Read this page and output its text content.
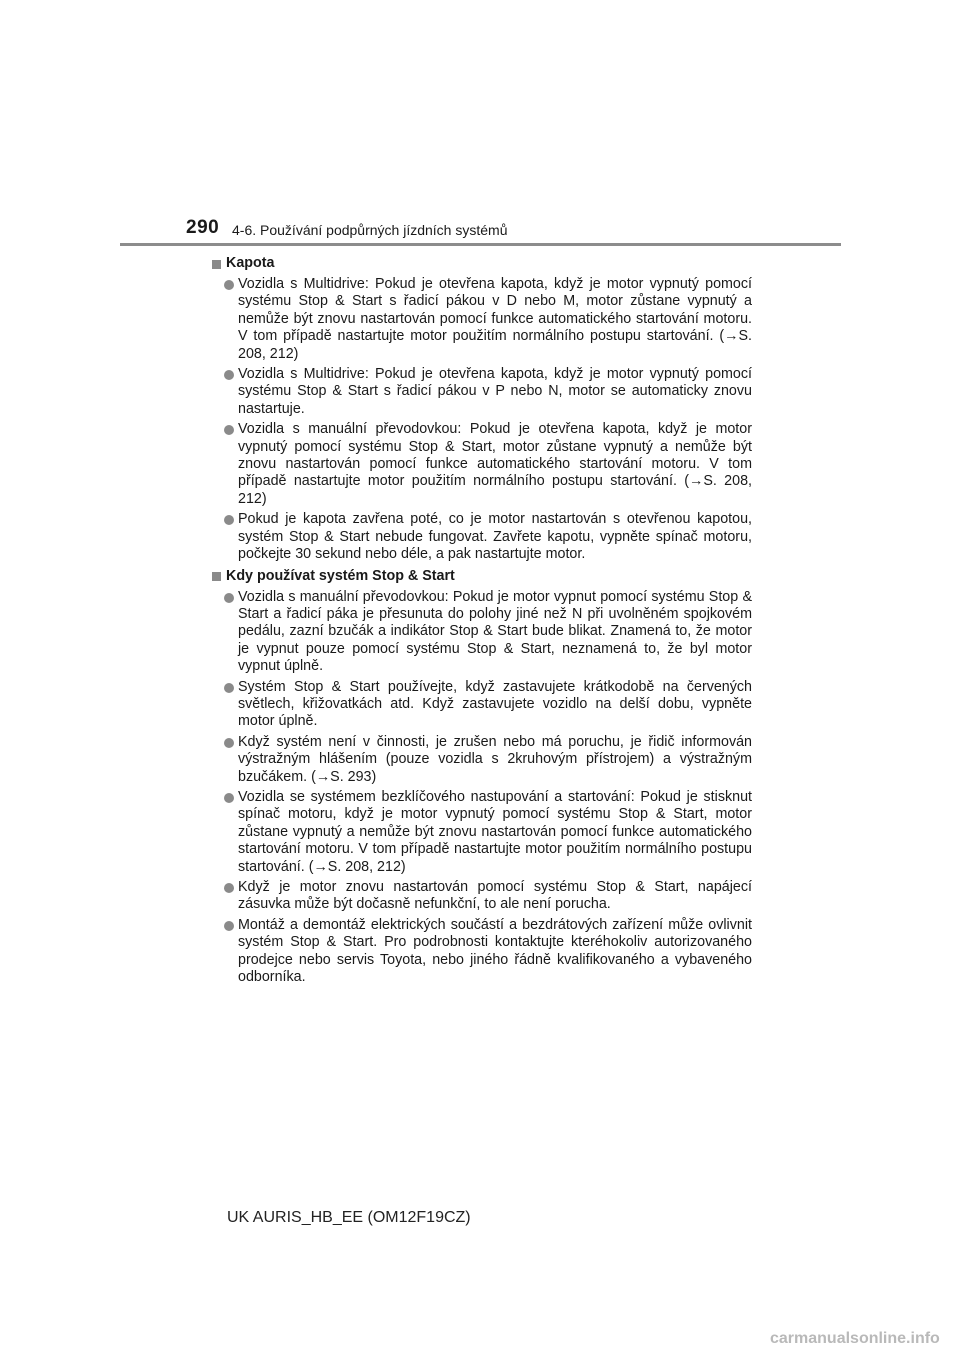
290 4-6. Používání podpůrných jízdních systémů
Kapota

Vozidla s Multidrive: Pokud je otevřena kapota, když je motor vypnutý pomocí systému Stop & Start s řadicí pákou v D nebo M, motor zůstane vypnutý a nemůže být znovu nastartován pomocí funkce automatického startování motoru. V tom případě nastartujte motor použitím normálního postupu startování. (→S. 208, 212)

Vozidla s Multidrive: Pokud je otevřena kapota, když je motor vypnutý pomocí systému Stop & Start s řadicí pákou v P nebo N, motor se automaticky znovu nastartuje.

Vozidla s manuální převodovkou: Pokud je otevřena kapota, když je motor vypnutý pomocí systému Stop & Start, motor zůstane vypnutý a nemůže být znovu nastartován pomocí funkce automatického startování motoru. V tom případě nastartujte motor použitím normálního postupu startování. (→S. 208, 212)

Pokud je kapota zavřena poté, co je motor nastartován s otevřenou kapotou, systém Stop & Start nebude fungovat. Zavřete kapotu, vypněte spínač motoru, počkejte 30 sekund nebo déle, a pak nastartujte motor.

Kdy používat systém Stop & Start

Vozidla s manuální převodovkou: Pokud je motor vypnut pomocí systému Stop & Start a řadicí páka je přesunuta do polohy jiné než N při uvolněném spojkovém pedálu, zazní bzučák a indikátor Stop & Start bude blikat. Znamená to, že motor je vypnut pouze pomocí systému Stop & Start, neznamená to, že byl motor vypnut úplně.

Systém Stop & Start používejte, když zastavujete krátkodobě na červených světlech, křižovatkách atd. Když zastavujete vozidlo na delší dobu, vypněte motor úplně.

Když systém není v činnosti, je zrušen nebo má poruchu, je řidič informován výstražným hlášením (pouze vozidla s 2kruhovým přístrojem) a výstražným bzučákem. (→S. 293)

Vozidla se systémem bezklíčového nastupování a startování: Pokud je stisknut spínač motoru, když je motor vypnutý pomocí systému Stop & Start, motor zůstane vypnutý a nemůže být znovu nastartován pomocí funkce automatického startování motoru. V tom případě nastartujte motor použitím normálního postupu startování. (→S. 208, 212)

Když je motor znovu nastartován pomocí systému Stop & Start, napájecí zásuvka může být dočasně nefunkční, to ale není porucha.

Montáž a demontáž elektrických součástí a bezdrátových zařízení může ovlivnit systém Stop & Start. Pro podrobnosti kontaktujte kteréhokoliv autorizovaného prodejce nebo servis Toyota, nebo jiného řádně kvalifikovaného a vybaveného odborníka.

UK AURIS_HB_EE (OM12F19CZ)
carmanualsonline.info
